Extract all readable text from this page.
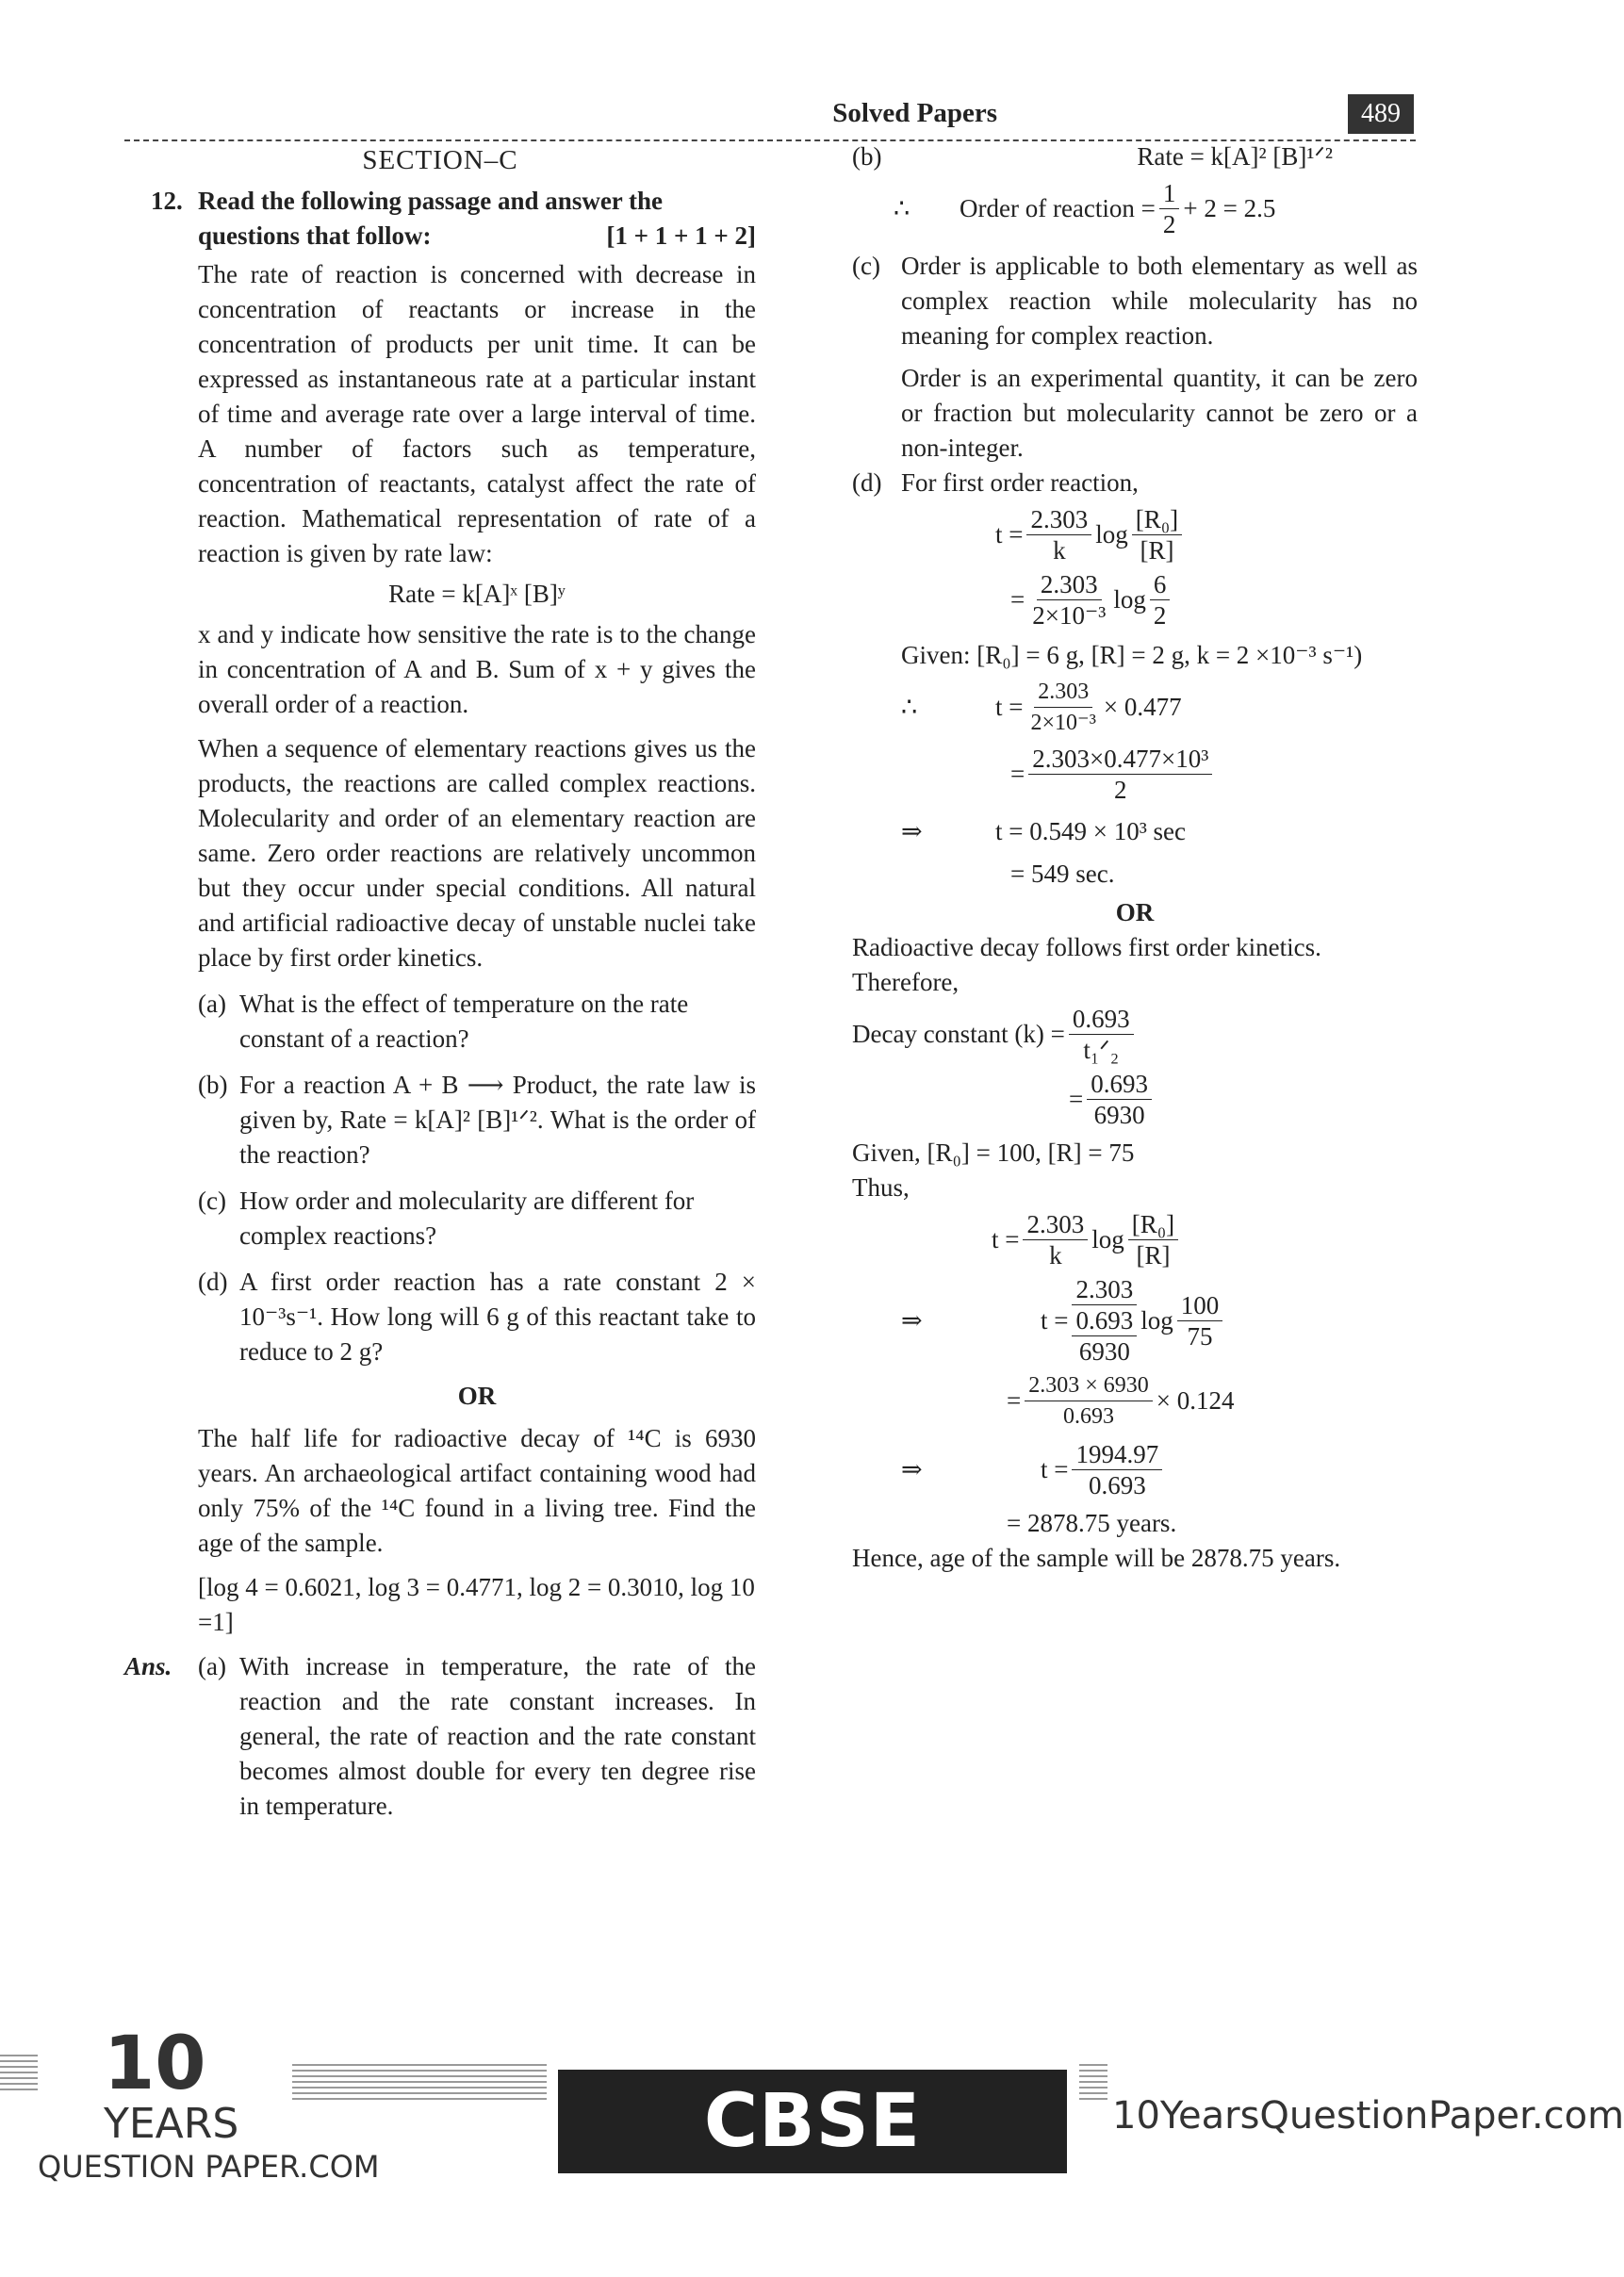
Solved Papers	489

SECTION–C

12. Read the following passage and answer the questions that follow:	[1 + 1 + 1 + 2]

The rate of reaction is concerned with decrease in concentration of reactants or increase in the concentration of products per unit time. It can be expressed as instantaneous rate at a particular instant of time and average rate over a large interval of time. A number of factors such as temperature, concentration of reactants, catalyst affect the rate of reaction. Mathematical representation of rate of a reaction is given by rate law:

Rate = k[A]ˣ [B]ʸ

x and y indicate how sensitive the rate is to the change in concentration of A and B. Sum of x + y gives the overall order of a reaction.

When a sequence of elementary reactions gives us the products, the reactions are called complex reactions. Molecularity and order of an elementary reaction are same. Zero order reactions are relatively uncommon but they occur under special conditions. All natural and artificial radioactive decay of unstable nuclei take place by first order kinetics.

(a) What is the effect of temperature on the rate constant of a reaction?

(b) For a reaction A + B ⟶ Product, the rate law is given by, Rate = k[A]² [B]¹ᐟ². What is the order of the reaction?

(c) How order and molecularity are different for complex reactions?

(d) A first order reaction has a rate constant 2 × 10⁻³s⁻¹. How long will 6 g of this reactant take to reduce to 2 g?

OR

The half life for radioactive decay of ¹⁴C is 6930 years. An archaeological artifact containing wood had only 75% of the ¹⁴C found in a living tree. Find the age of the sample.

[log 4 = 0.6021, log 3 = 0.4771, log 2 = 0.3010, log 10 =1]

Ans. (a) With increase in temperature, the rate of the reaction and the rate constant increases. In general, the rate of reaction and the rate constant becomes almost double for every ten degree rise in temperature.

(b)	Rate = k[A]² [B]¹ᐟ²

∴	Order of reaction = $\frac{1}{2} + 2 = 2.5$
(c) Order is applicable to both elementary as well as complex reaction while molecularity has no meaning for complex reaction.

Order is an experimental quantity, it can be zero or fraction but molecularity cannot be zero or a non-integer.

(d) For first order reaction,

$t = \frac{2.303}{k}$ $\log \frac{\text{[R₀]}}{[R]}$
= $\frac{2.303}{\text{2×10⁻³}}$ $\log \frac{6}{2}$

Given: [R₀] = 6 g, [R] = 2 g, k = 2 ×10⁻³ s⁻¹)

∴	$t = \frac{2.303}{\text{2×10⁻³}} \times 0.477$
= $\frac{\text{2.303×0.477×10³}}{2}$
⇒	t = 0.549 × 10³ sec

= 549 sec.

OR

Radioactive decay follows first order kinetics.

Therefore,

Decay constant $(k) = \frac{0.693}{\text{t₁ᐟ₂}}$
= $\frac{0.693}{6930}$

Given, [R₀] = 100, [R] = 75

Thus,

$t = \frac{2.303}{k}$ $\log \frac{\text{[R₀]}}{[R]}$
⇒	t =
2.303
0.693
6930
$\log \frac{100}{75}$
= $\frac{2.303 \times 6930}{0.693} \times 0.124$
⇒	$t = \frac{1994.97}{0.693}$

= 2878.75 years.

Hence, age of the sample will be 2878.75 years.

10
YEARS
QUESTION PAPER.COM
CBSE BOARD XII
10YearsQuestionPaper.com
